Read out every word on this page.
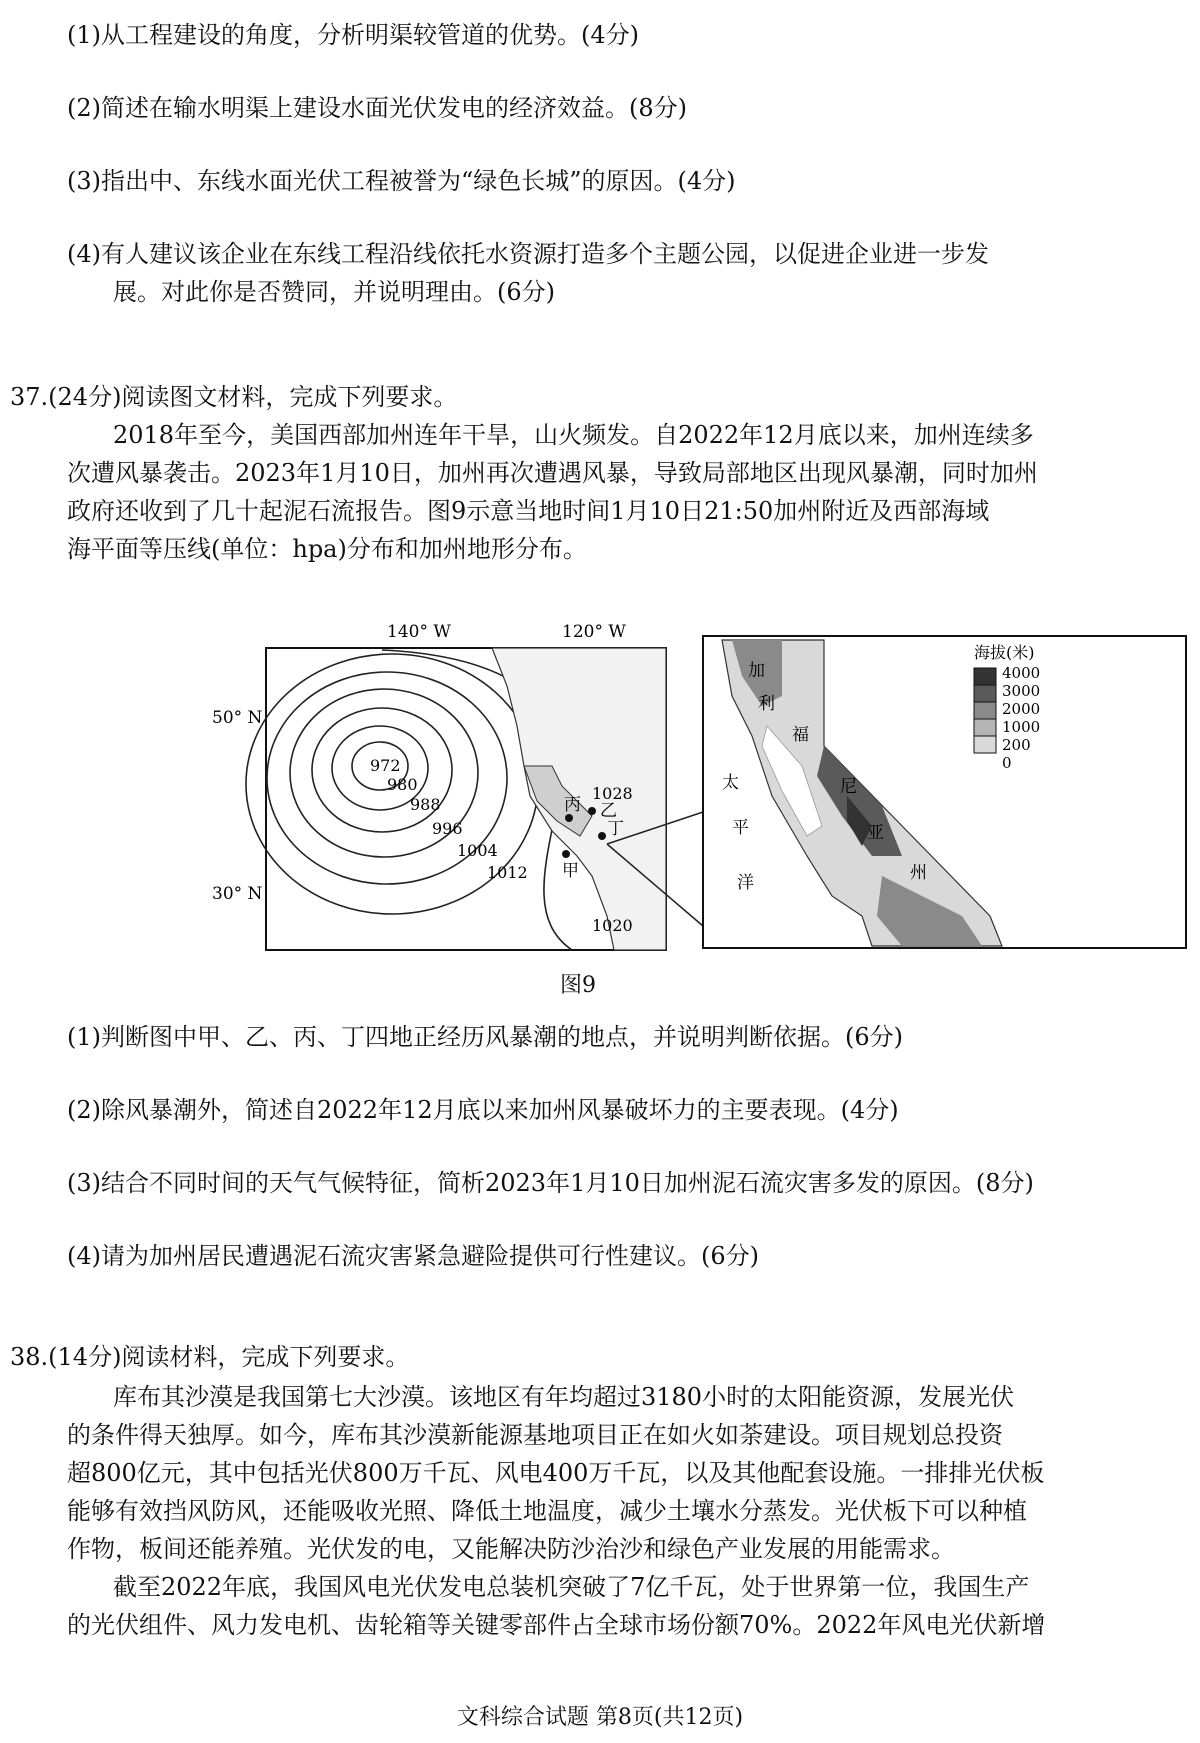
(1)从工程建设的角度，分析明渠较管道的优势。(4分)
(2)简述在输水明渠上建设水面光伏发电的经济效益。(8分)
(3)指出中、东线水面光伏工程被誉为“绿色长城”的原因。(4分)
(4)有人建议该企业在东线工程沿线依托水资源打造多个主题公园，以促进企业进一步发
展。对此你是否赞同，并说明理由。(6分)
37.(24分)阅读图文材料，完成下列要求。
2018年至今，美国西部加州连年干旱，山火频发。自2022年12月底以来，加州连续多
次遭风暴袭击。2023年1月10日，加州再次遭遇风暴，导致局部地区出现风暴潮，同时加州
政府还收到了几十起泥石流报告。图9示意当地时间1月10日21:50加州附近及西部海域
海平面等压线(单位：hpa)分布和加州地形分布。
140° W	120° W
50° N
30° N
972
980
988
996
1004
1012
1020
1028
甲
乙
丙
丁
加
利
福
尼
亚
州
太
平
洋
海拔(米)
4000
3000
2000
1000
200
0
图9
(1)判断图中甲、乙、丙、丁四地正经历风暴潮的地点，并说明判断依据。(6分)
(2)除风暴潮外，简述自2022年12月底以来加州风暴破坏力的主要表现。(4分)
(3)结合不同时间的天气气候特征，简析2023年1月10日加州泥石流灾害多发的原因。(8分)
(4)请为加州居民遭遇泥石流灾害紧急避险提供可行性建议。(6分)
38.(14分)阅读材料，完成下列要求。
库布其沙漠是我国第七大沙漠。该地区有年均超过3180小时的太阳能资源，发展光伏
的条件得天独厚。如今，库布其沙漠新能源基地项目正在如火如荼建设。项目规划总投资
超800亿元，其中包括光伏800万千瓦、风电400万千瓦，以及其他配套设施。一排排光伏板
能够有效挡风防风，还能吸收光照、降低土地温度，减少土壤水分蒸发。光伏板下可以种植
作物，板间还能养殖。光伏发的电，又能解决防沙治沙和绿色产业发展的用能需求。
截至2022年底，我国风电光伏发电总装机突破了7亿千瓦，处于世界第一位，我国生产
的光伏组件、风力发电机、齿轮箱等关键零部件占全球市场份额70%。2022年风电光伏新增
文科综合试题 第8页(共12页)
